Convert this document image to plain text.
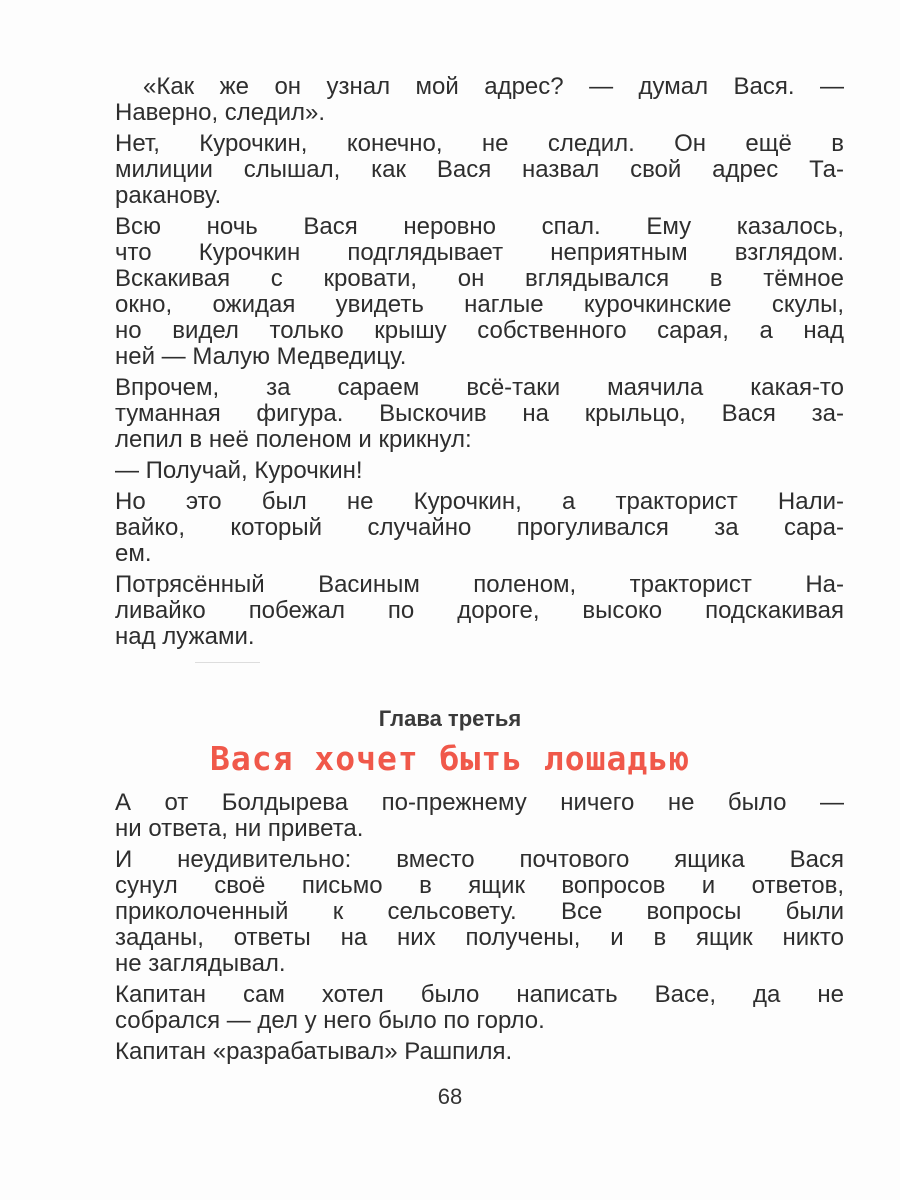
«Как же он узнал мой адрес? — думал Вася. —
Наверно, следил».
Нет, Курочкин, конечно, не следил. Он ещё в
милиции слышал, как Вася назвал свой адрес Та-
раканову.
Всю ночь Вася неровно спал. Ему казалось,
что Курочкин подглядывает неприятным взглядом.
Вскакивая с кровати, он вглядывался в тёмное
окно, ожидая увидеть наглые курочкинские скулы,
но видел только крышу собственного сарая, а над
ней — Малую Медведицу.
Впрочем, за сараем всё-таки маячила какая-то
туманная фигура. Выскочив на крыльцо, Вася за-
лепил в неё поленом и крикнул:
— Получай, Курочкин!
Но это был не Курочкин, а тракторист Нали-
вайко, который случайно прогуливался за сара-
ем.
Потрясённый Васиным поленом, тракторист На-
ливайко побежал по дороге, высоко подскакивая
над лужами.
Глава третья
Вася хочет быть лошадью
А от Болдырева по-прежнему ничего не было —
ни ответа, ни привета.
И неудивительно: вместо почтового ящика Вася
сунул своё письмо в ящик вопросов и ответов,
приколоченный к сельсовету. Все вопросы были
заданы, ответы на них получены, и в ящик никто
не заглядывал.
Капитан сам хотел было написать Васе, да не
собрался — дел у него было по горло.
Капитан «разрабатывал» Рашпиля.
68
